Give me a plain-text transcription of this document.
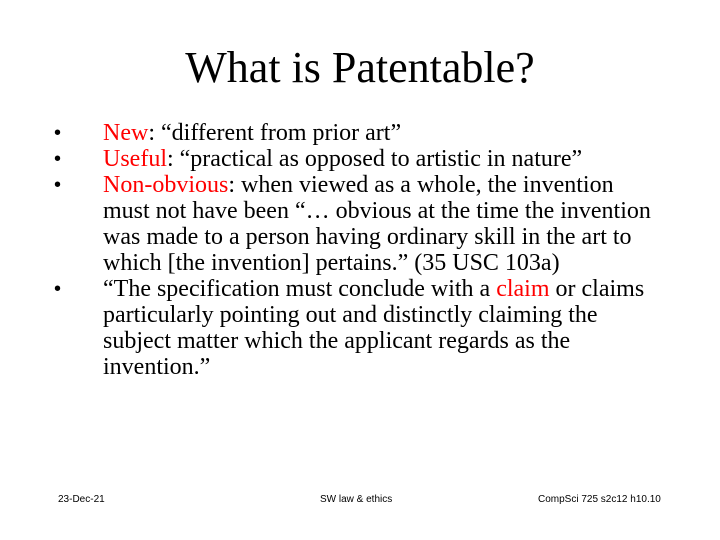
What is Patentable?
•	New: “different from prior art”
•	Useful: “practical as opposed to artistic in nature”
•	Non-obvious: when viewed as a whole, the invention must not have been “… obvious at the time the invention was made to a person having ordinary skill in the art to which [the invention] pertains.” (35 USC 103a)
•	“The specification must conclude with a claim or claims particularly pointing out and distinctly claiming the subject matter which the applicant regards as the invention.”
23-Dec-21	SW law & ethics	CompSci 725 s2c12 h10.10
